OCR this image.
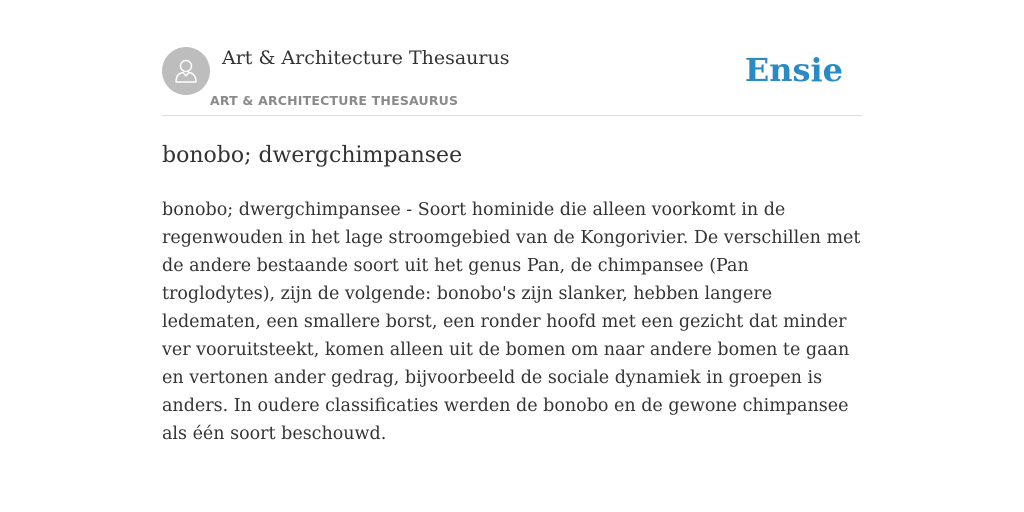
Art & Architecture Thesaurus
ART & ARCHITECTURE THESAURUS
Ensie
bonobo; dwergchimpansee

bonobo; dwergchimpansee - Soort hominide die alleen voorkomt in de regenwouden in het lage stroomgebied van de Kongorivier. De verschillen met de andere bestaande soort uit het genus Pan, de chimpansee (Pan troglodytes), zijn de volgende: bonobo's zijn slanker, hebben langere ledematen, een smallere borst, een ronder hoofd met een gezicht dat minder ver vooruitsteekt, komen alleen uit de bomen om naar andere bomen te gaan en vertonen ander gedrag, bijvoorbeeld de sociale dynamiek in groepen is anders. In oudere classificaties werden de bonobo en de gewone chimpansee als één soort beschouwd.
